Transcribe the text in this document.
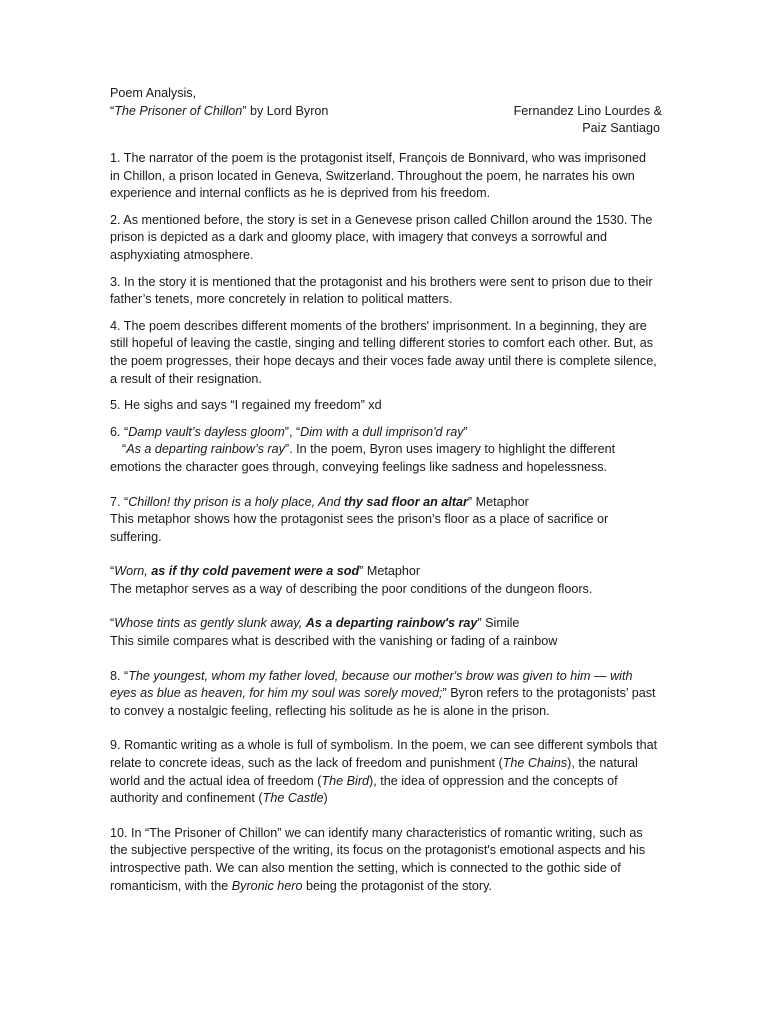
Poem Analysis,
“The Prisoner of Chillon” by Lord Byron	Fernandez Lino Lourdes &
Paiz Santiago

1. The narrator of the poem is the protagonist itself, François de Bonnivard, who was imprisoned in Chillon, a prison located in Geneva, Switzerland. Throughout the poem, he narrates his own experience and internal conflicts as he is deprived from his freedom.

2. As mentioned before, the story is set in a Genevese prison called Chillon around the 1530. The prison is depicted as a dark and gloomy place, with imagery that conveys a sorrowful and asphyxiating atmosphere.

3. In the story it is mentioned that the protagonist and his brothers were sent to prison due to their father’s tenets, more concretely in relation to political matters.

4. The poem describes different moments of the brothers' imprisonment. In a beginning, they are still hopeful of leaving the castle, singing and telling different stories to comfort each other. But, as the poem progresses, their hope decays and their voces fade away until there is complete silence, a result of their resignation.

5. He sighs and says “I regained my freedom” xd

6. “Damp vault’s dayless gloom”, “Dim with a dull imprison'd ray”
“As a departing rainbow’s ray”. In the poem, Byron uses imagery to highlight the different emotions the character goes through, conveying feelings like sadness and hopelessness.
7. “Chillon! thy prison is a holy place, And thy sad floor an altar” Metaphor
This metaphor shows how the protagonist sees the prison’s floor as a place of sacrifice or suffering.
“Worn, as if thy cold pavement were a sod” Metaphor
The metaphor serves as a way of describing the poor conditions of the dungeon floors.
“Whose tints as gently slunk away, As a departing rainbow's ray” Simile
This simile compares what is described with the vanishing or fading of a rainbow

8. “The youngest, whom my father loved, because our mother's brow was given to him — with eyes as blue as heaven, for him my soul was sorely moved;” Byron refers to the protagonists’ past to convey a nostalgic feeling, reflecting his solitude as he is alone in the prison.

9. Romantic writing as a whole is full of symbolism. In the poem, we can see different symbols that relate to concrete ideas, such as the lack of freedom and punishment (The Chains), the natural world and the actual idea of freedom (The Bird), the idea of oppression and the concepts of authority and confinement (The Castle)

10. In “The Prisoner of Chillon” we can identify many characteristics of romantic writing, such as the subjective perspective of the writing, its focus on the protagonist's emotional aspects and his introspective path. We can also mention the setting, which is connected to the gothic side of romanticism, with the Byronic hero being the protagonist of the story.
